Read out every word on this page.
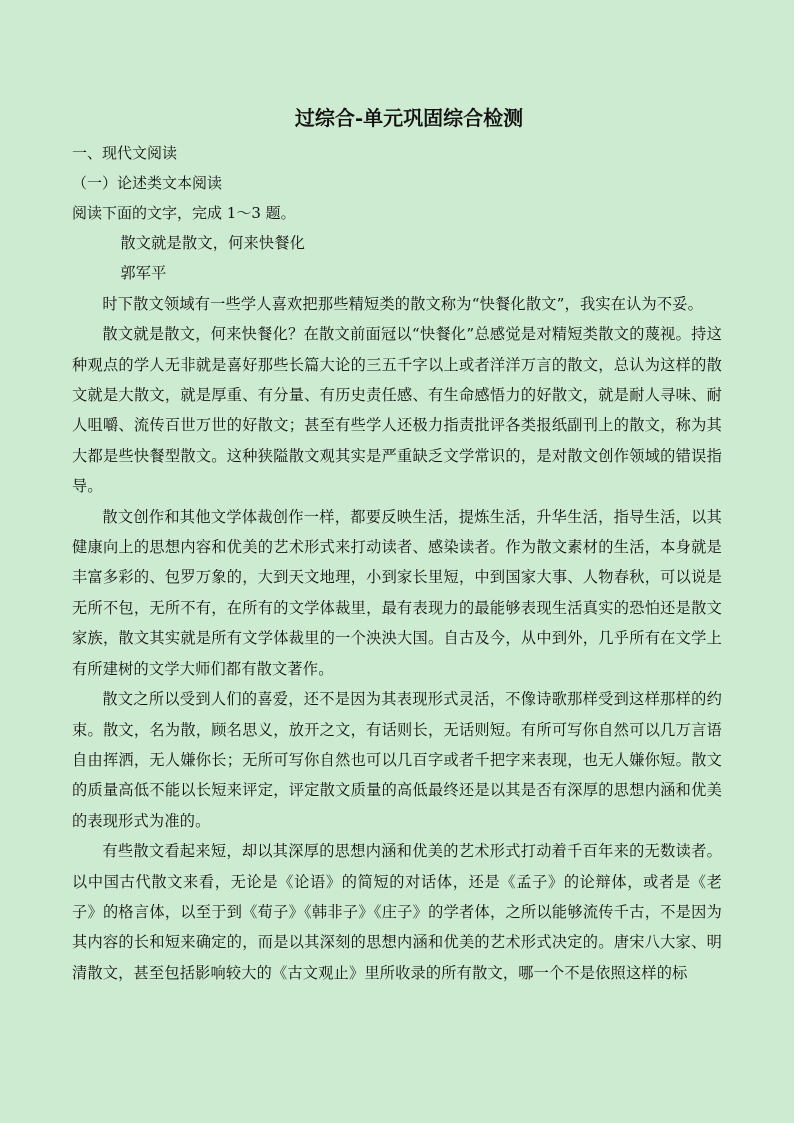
过综合-单元巩固综合检测

一、现代文阅读

（一）论述类文本阅读

阅读下面的文字，完成 1～3 题。

散文就是散文，何来快餐化

郭军平

时下散文领域有一些学人喜欢把那些精短类的散文称为“快餐化散文”，我实在认为不妥。

散文就是散文，何来快餐化？在散文前面冠以“快餐化”总感觉是对精短类散文的蔑视。持这种观点的学人无非就是喜好那些长篇大论的三五千字以上或者洋洋万言的散文，总认为这样的散文就是大散文，就是厚重、有分量、有历史责任感、有生命感悟力的好散文，就是耐人寻味、耐人咀嚼、流传百世万世的好散文；甚至有些学人还极力指责批评各类报纸副刊上的散文，称为其大都是些快餐型散文。这种狭隘散文观其实是严重缺乏文学常识的，是对散文创作领域的错误指导。

散文创作和其他文学体裁创作一样，都要反映生活，提炼生活，升华生活，指导生活，以其健康向上的思想内容和优美的艺术形式来打动读者、感染读者。作为散文素材的生活，本身就是丰富多彩的、包罗万象的，大到天文地理，小到家长里短，中到国家大事、人物春秋，可以说是无所不包，无所不有，在所有的文学体裁里，最有表现力的最能够表现生活真实的恐怕还是散文家族，散文其实就是所有文学体裁里的一个泱泱大国。自古及今，从中到外，几乎所有在文学上有所建树的文学大师们都有散文著作。

散文之所以受到人们的喜爱，还不是因为其表现形式灵活，不像诗歌那样受到这样那样的约束。散文，名为散，顾名思义，放开之文，有话则长，无话则短。有所可写你自然可以几万言语自由挥洒，无人嫌你长；无所可写你自然也可以几百字或者千把字来表现，也无人嫌你短。散文的质量高低不能以长短来评定，评定散文质量的高低最终还是以其是否有深厚的思想内涵和优美的表现形式为准的。

有些散文看起来短，却以其深厚的思想内涵和优美的艺术形式打动着千百年来的无数读者。以中国古代散文来看，无论是《论语》的简短的对话体，还是《孟子》的论辩体，或者是《老子》的格言体，以至于到《荀子》《韩非子》《庄子》的学者体，之所以能够流传千古，不是因为其内容的长和短来确定的，而是以其深刻的思想内涵和优美的艺术形式决定的。唐宋八大家、明清散文，甚至包括影响较大的《古文观止》里所收录的所有散文，哪一个不是依照这样的标
